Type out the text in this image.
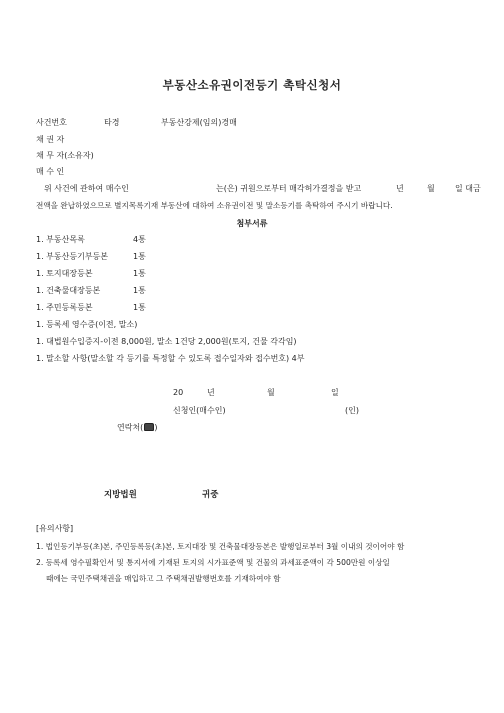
부동산소유권이전등기 촉탁신청서
사건번호	타경	부동산강제(임의)경매
채 권 자
채 무 자(소유자)
매 수 인
위 사건에 관하여 매수인	는(은) 귀원으로부터 매각허가결정을 받고	년	월	일 대금
전액을 완납하였으므로 별지목록기재 부동산에 대하여 소유권이전 및 말소등기를 촉탁하여 주시기 바랍니다.
첨부서류
1. 부동산목록	4통
1. 부동산등기부등본	1통
1. 토지대장등본	1통
1. 건축물대장등본	1통
1. 주민등록등본	1통
1. 등록세 영수증(이전, 말소)
1. 대법원수입증지-이전 8,000원, 말소 1건당 2,000원(토지, 건물 각각임)
1. 말소할 사항(말소할 각 등기를 특정할 수 있도록 접수일자와 접수번호) 4부
20	년	월	일
신청인(매수인)	(인)
연락처( )
지방법원	귀중
[유의사항]
1. 법인등기부등(초)본, 주민등록등(초)본, 토지대장 및 건축물대장등본은 발행일로부터 3월 이내의 것이어야 함
2. 등록세 영수필확인서 및 통지서에 기재된 토지의 시가표준액 및 건물의 과세표준액이 각 500만원 이상일
때에는 국민주택채권을 매입하고 그 주택채권발행번호를 기재하여야 함
